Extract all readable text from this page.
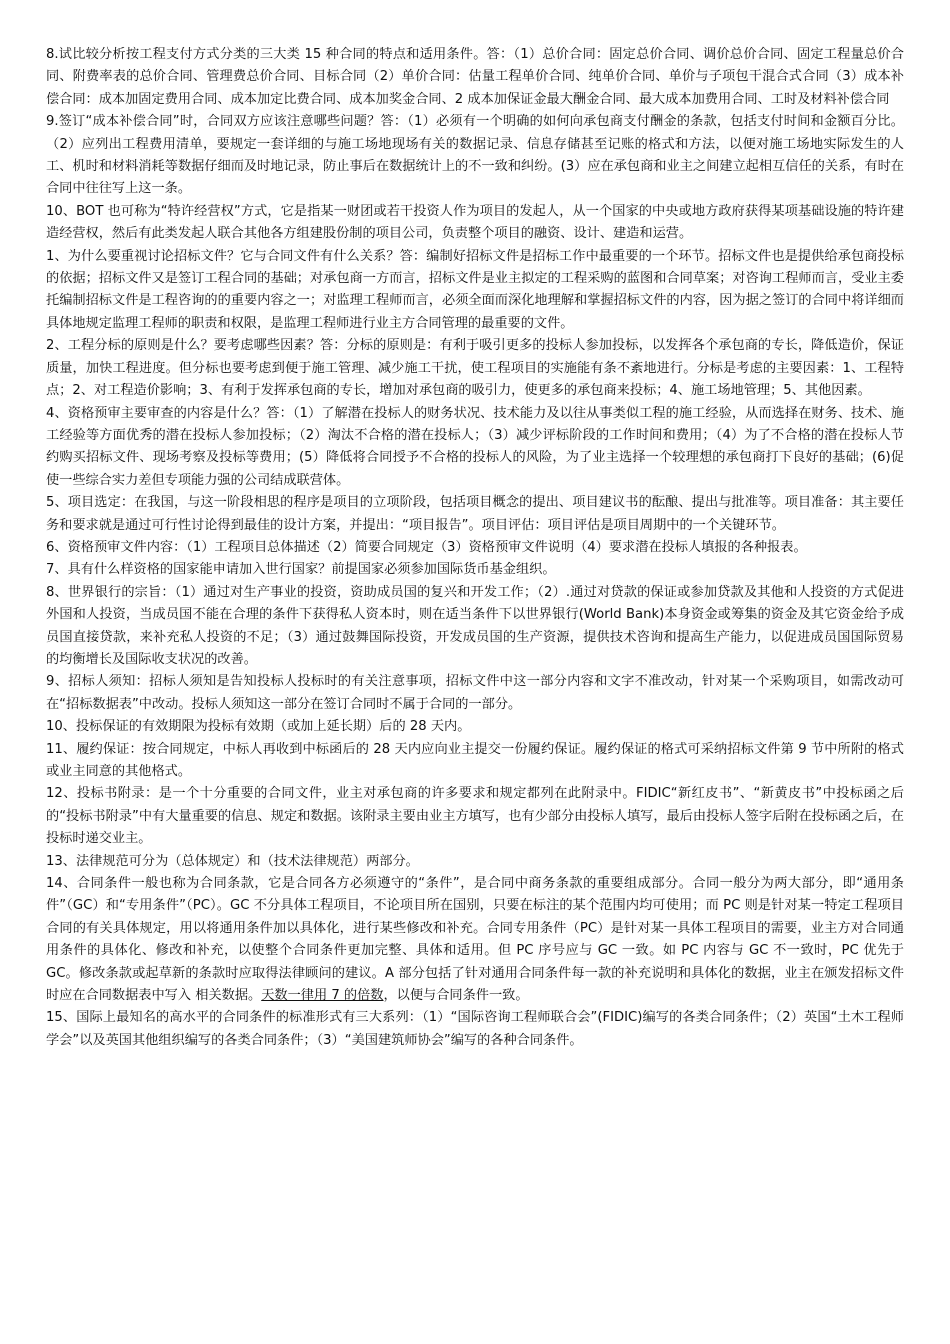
8.试比较分析按工程支付方式分类的三大类 15 种合同的特点和适用条件。答：（1）总价合同：固定总价合同、调价总价合同、固定工程量总价合同、附费率表的总价合同、管理费总价合同、目标合同（2）单价合同：估量工程单价合同、纯单价合同、单价与子项包干混合式合同（3）成本补偿合同：成本加固定费用合同、成本加定比费合同、成本加奖金合同、2 成本加保证金最大酬金合同、最大成本加费用合同、工时及材料补偿合同

9.签订“成本补偿合同”时，合同双方应该注意哪些问题？答：（1）必须有一个明确的如何向承包商支付酬金的条款，包括支付时间和金额百分比。（2）应列出工程费用清单，要规定一套详细的与施工场地现场有关的数据记录、信息存储甚至记账的格式和方法，以便对施工场地实际发生的人工、机时和材料消耗等数据仔细而及时地记录，防止事后在数据统计上的不一致和纠纷。(3）应在承包商和业主之间建立起相互信任的关系，有时在合同中往往写上这一条。

10、BOT 也可称为“特许经营权”方式，它是指某一财团或若干投资人作为项目的发起人，从一个国家的中央或地方政府获得某项基础设施的特许建造经营权，然后有此类发起人联合其他各方组建股份制的项目公司，负责整个项目的融资、设计、建造和运营。

1、为什么要重视讨论招标文件？它与合同文件有什么关系？答：编制好招标文件是招标工作中最重要的一个环节。招标文件也是提供给承包商投标的依据；招标文件又是签订工程合同的基础；对承包商一方而言，招标文件是业主拟定的工程采购的蓝图和合同草案；对咨询工程师而言，受业主委托编制招标文件是工程咨询的的重要内容之一；对监理工程师而言，必须全面而深化地理解和掌握招标文件的内容，因为据之签订的合同中将详细而具体地规定监理工程师的职责和权限，是监理工程师进行业主方合同管理的最重要的文件。

2、工程分标的原则是什么？要考虑哪些因素？答：分标的原则是：有利于吸引更多的投标人参加投标，以发挥各个承包商的专长，降低造价，保证质量，加快工程进度。但分标也要考虑到便于施工管理、减少施工干扰，使工程项目的实施能有条不紊地进行。分标是考虑的主要因素：1、工程特点；2、对工程造价影响；3、有利于发挥承包商的专长，增加对承包商的吸引力，使更多的承包商来投标；4、施工场地管理；5、其他因素。

4、资格预审主要审查的内容是什么？答：（1）了解潜在投标人的财务状况、技术能力及以往从事类似工程的施工经验，从而选择在财务、技术、施工经验等方面优秀的潜在投标人参加投标；（2）淘汰不合格的潜在投标人；（3）减少评标阶段的工作时间和费用；（4）为了不合格的潜在投标人节约购买招标文件、现场考察及投标等费用；(5）降低将合同授予不合格的投标人的风险，为了业主选择一个较理想的承包商打下良好的基础；(6)促使一些综合实力差但专项能力强的公司结成联营体。

5、项目选定：在我国，与这一阶段相思的程序是项目的立项阶段，包括项目概念的提出、项目建议书的酝酿、提出与批准等。项目准备：其主要任务和要求就是通过可行性讨论得到最佳的设计方案，并提出：“项目报告”。项目评估：项目评估是项目周期中的一个关键环节。

6、资格预审文件内容：（1）工程项目总体描述（2）简要合同规定（3）资格预审文件说明（4）要求潜在投标人填报的各种报表。

7、具有什么样资格的国家能申请加入世行国家？前提国家必须参加国际货币基金组织。

8、世界银行的宗旨：（1）通过对生产事业的投资，资助成员国的复兴和开发工作；（2）.通过对贷款的保证或参加贷款及其他和人投资的方式促进外国和人投资，当成员国不能在合理的条件下获得私人资本时，则在适当条件下以世界银行(World Bank)本身资金或筹集的资金及其它资金给予成员国直接贷款，来补充私人投资的不足；（3）通过鼓舞国际投资，开发成员国的生产资源，提供技术咨询和提高生产能力，以促进成员国国际贸易的均衡增长及国际收支状况的改善。

9、招标人须知：招标人须知是告知投标人投标时的有关注意事项，招标文件中这一部分内容和文字不准改动，针对某一个采购项目，如需改动可在“招标数据表”中改动。投标人须知这一部分在签订合同时不属于合同的一部分。

10、投标保证的有效期限为投标有效期（或加上延长期）后的 28 天内。

11、履约保证：按合同规定，中标人再收到中标函后的 28 天内应向业主提交一份履约保证。履约保证的格式可采纳招标文件第 9 节中所附的格式或业主同意的其他格式。

12、投标书附录：是一个十分重要的合同文件，业主对承包商的许多要求和规定都列在此附录中。FIDIC“新红皮书”、“新黄皮书”中投标函之后的“投标书附录”中有大量重要的信息、规定和数据。该附录主要由业主方填写，也有少部分由投标人填写，最后由投标人签字后附在投标函之后，在投标时递交业主。

13、法律规范可分为（总体规定）和（技术法律规范）两部分。

14、合同条件一般也称为合同条款，它是合同各方必须遵守的“条件”，是合同中商务条款的重要组成部分。合同一般分为两大部分，即“通用条件”（GC）和“专用条件”（PC）。GC 不分具体工程项目，不论项目所在国别，只要在标注的某个范围内均可使用；而 PC 则是针对某一特定工程项目合同的有关具体规定，用以将通用条件加以具体化，进行某些修改和补充。合同专用条件（PC）是针对某一具体工程项目的需要，业主方对合同通用条件的具体化、修改和补充，以使整个合同条件更加完整、具体和适用。但 PC 序号应与 GC 一致。如 PC 内容与 GC 不一致时，PC 优先于 GC。修改条款或起草新的条款时应取得法律顾问的建议。A 部分包括了针对通用合同条件每一款的补充说明和具体化的数据，业主在颁发招标文件时应在合同数据表中写入 相关数据。天数一律用 7 的倍数，以便与合同条件一致。

15、国际上最知名的高水平的合同条件的标准形式有三大系列：（1）“国际咨询工程师联合会”(FIDIC)编写的各类合同条件；（2）英国“土木工程师学会”以及英国其他组织编写的各类合同条件；（3）“美国建筑师协会”编写的各种合同条件。
